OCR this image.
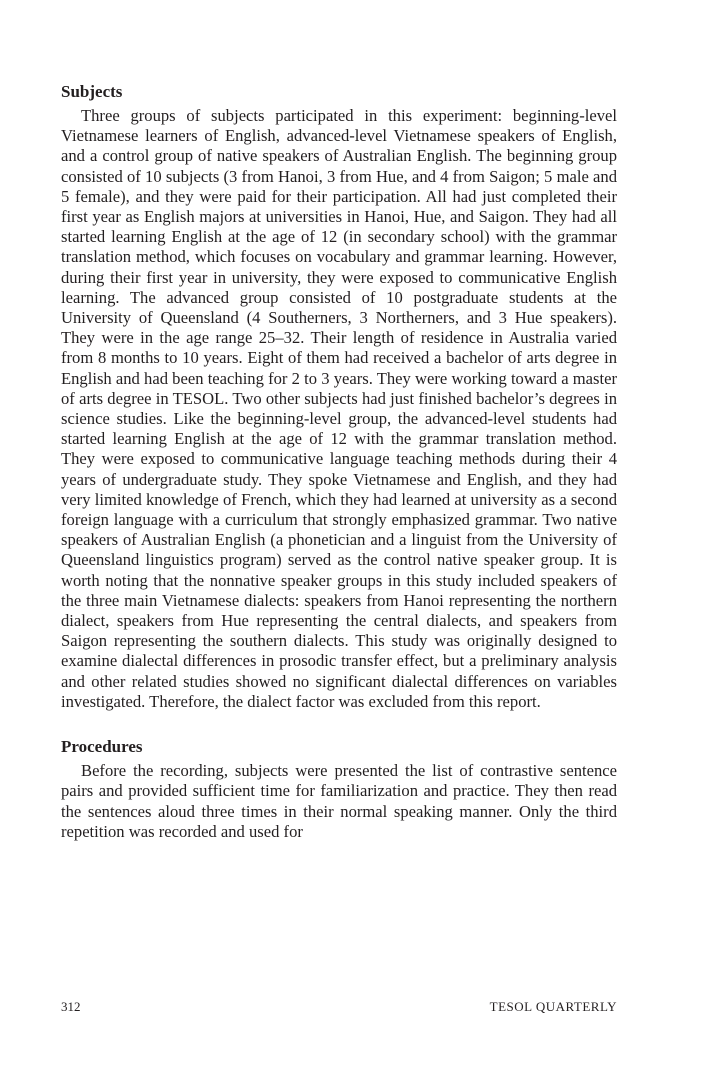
Subjects

Three groups of subjects participated in this experiment: beginning-level Vietnamese learners of English, advanced-level Vietnamese speakers of English, and a control group of native speakers of Australian English. The beginning group consisted of 10 subjects (3 from Hanoi, 3 from Hue, and 4 from Saigon; 5 male and 5 female), and they were paid for their participation. All had just completed their first year as English majors at universities in Hanoi, Hue, and Saigon. They had all started learning English at the age of 12 (in secondary school) with the grammar translation method, which focuses on vocabulary and grammar learning. However, during their first year in university, they were exposed to communicative English learning. The advanced group consisted of 10 postgraduate students at the University of Queensland (4 Southerners, 3 Northerners, and 3 Hue speakers). They were in the age range 25–32. Their length of residence in Australia varied from 8 months to 10 years. Eight of them had received a bachelor of arts degree in English and had been teaching for 2 to 3 years. They were working toward a master of arts degree in TESOL. Two other subjects had just finished bachelor’s degrees in science studies. Like the beginning-level group, the advanced-level students had started learning English at the age of 12 with the grammar translation method. They were exposed to communicative language teaching methods during their 4 years of undergraduate study. They spoke Vietnamese and English, and they had very limited knowledge of French, which they had learned at university as a second foreign language with a curriculum that strongly emphasized grammar. Two native speakers of Australian English (a phonetician and a linguist from the University of Queensland linguistics program) served as the control native speaker group. It is worth noting that the nonnative speaker groups in this study included speakers of the three main Vietnamese dialects: speakers from Hanoi representing the northern dialect, speakers from Hue representing the central dialects, and speakers from Saigon representing the southern dialects. This study was originally designed to examine dialectal differences in prosodic transfer effect, but a preliminary analysis and other related studies showed no significant dialectal differences on variables investigated. Therefore, the dialect factor was excluded from this report.

Procedures

Before the recording, subjects were presented the list of contrastive sentence pairs and provided sufficient time for familiarization and practice. They then read the sentences aloud three times in their normal speaking manner. Only the third repetition was recorded and used for

312	TESOL QUARTERLY
